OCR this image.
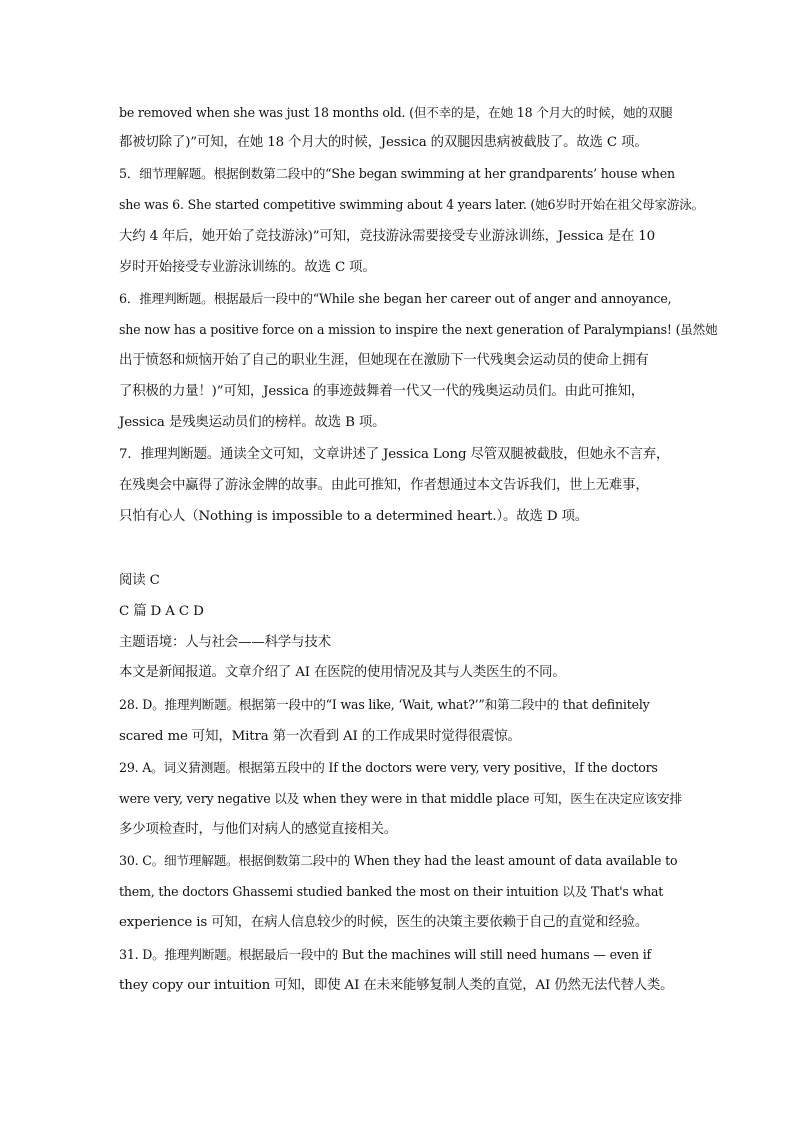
be removed when she was just 18 months old. (但不幸的是，在她 18 个月大的时候，她的双腿
都被切除了)”可知，在她 18 个月大的时候，Jessica 的双腿因患病被截肢了。故选 C 项。
5．细节理解题。根据倒数第二段中的“She began swimming at her grandparents’ house when
she was 6. She started competitive swimming about 4 years later. (她6岁时开始在祖父母家游泳。
大约 4 年后，她开始了竞技游泳)”可知，竞技游泳需要接受专业游泳训练，Jessica 是在 10
岁时开始接受专业游泳训练的。故选 C 项。
6．推理判断题。根据最后一段中的“While she began her career out of anger and annoyance,
she now has a positive force on a mission to inspire the next generation of Paralympians! (虽然她
出于愤怒和烦恼开始了自己的职业生涯，但她现在在激励下一代残奥会运动员的使命上拥有
了积极的力量！)”可知，Jessica 的事迹鼓舞着一代又一代的残奥运动员们。由此可推知，
Jessica 是残奥运动员们的榜样。故选 B 项。
7．推理判断题。通读全文可知，文章讲述了 Jessica Long 尽管双腿被截肢，但她永不言弃，
在残奥会中赢得了游泳金牌的故事。由此可推知，作者想通过本文告诉我们，世上无难事，
只怕有心人（Nothing is impossible to a determined heart.）。故选 D 项。
阅读 C
C 篇 D A C D
主题语境：人与社会——科学与技术
本文是新闻报道。文章介绍了 AI 在医院的使用情况及其与人类医生的不同。
28. D。推理判断题。根据第一段中的“I was like, ‘Wait, what?’”和第二段中的 that definitely
scared me 可知，Mitra 第一次看到 AI 的工作成果时觉得很震惊。
29. A。词义猜测题。根据第五段中的 If the doctors were very, very positive，If the doctors
were very, very negative 以及 when they were in that middle place 可知，医生在决定应该安排
多少项检查时，与他们对病人的感觉直接相关。
30. C。细节理解题。根据倒数第二段中的 When they had the least amount of data available to
them, the doctors Ghassemi studied banked the most on their intuition 以及 That's what
experience is 可知，在病人信息较少的时候，医生的决策主要依赖于自己的直觉和经验。
31. D。推理判断题。根据最后一段中的 But the machines will still need humans — even if
they copy our intuition 可知，即使 AI 在未来能够复制人类的直觉，AI 仍然无法代替人类。
